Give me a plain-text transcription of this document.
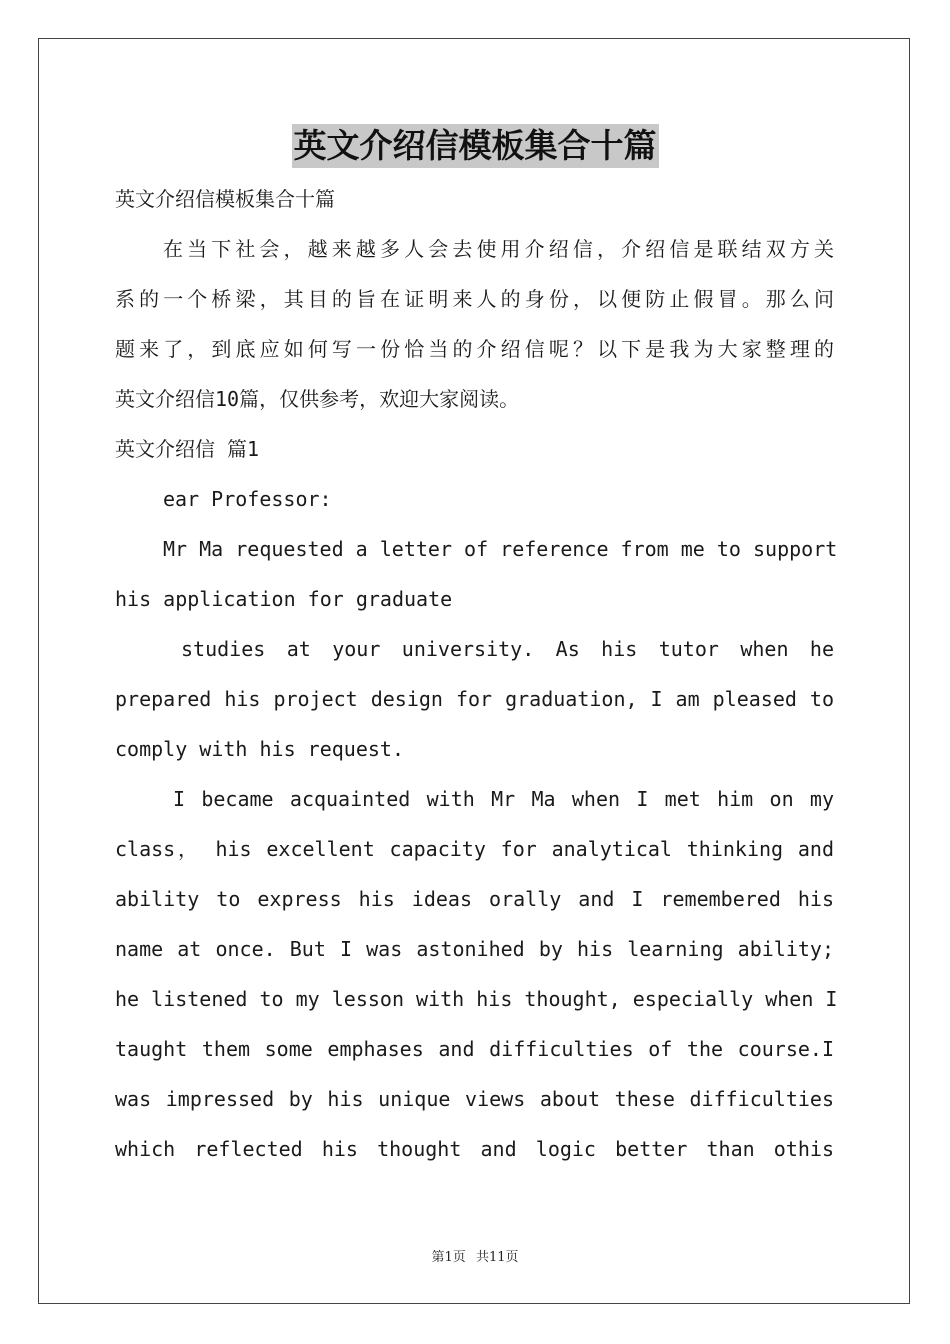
英文介绍信模板集合十篇
英文介绍信模板集合十篇
在当下社会，越来越多人会去使用介绍信，介绍信是联结双方关
系的一个桥梁，其目的旨在证明来人的身份，以便防止假冒。那么问
题来了，到底应如何写一份恰当的介绍信呢？以下是我为大家整理的
英文介绍信10篇，仅供参考，欢迎大家阅读。
英文介绍信 篇1
ear Professor:
Mr Ma requested a letter of reference from me to support
his application for graduate
studies at your university. As his tutor when he
prepared his project design for graduation, I am pleased to
comply with his request.
I became acquainted with Mr Ma when I met him on my
class， his excellent capacity for analytical thinking and
ability to express his ideas orally and I remembered his
name at once. But I was astonihed by his learning ability;
he listened to my lesson with his thought, especially when I
taught them some emphases and difficulties of the course.I
was impressed by his unique views about these difficulties
which reflected his thought and logic better than othis
第1页 共11页
